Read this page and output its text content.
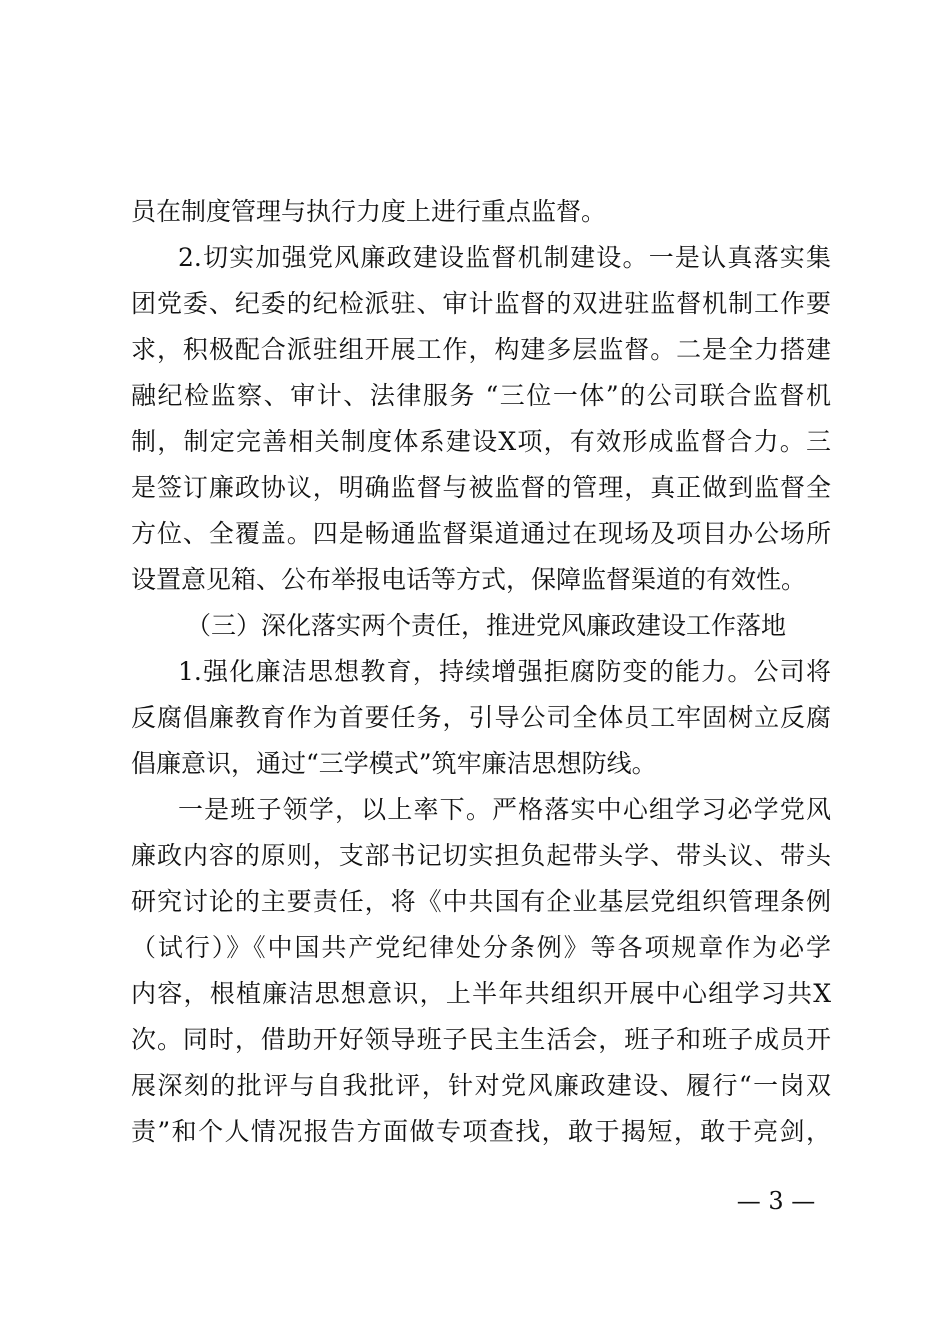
员在制度管理与执行力度上进行重点监督。
2.切实加强党风廉政建设监督机制建设。一是认真落实集
团党委、纪委的纪检派驻、审计监督的双进驻监督机制工作要
求，积极配合派驻组开展工作，构建多层监督。二是全力搭建
融纪检监察、审计、法律服务 “三位一体”的公司联合监督机
制，制定完善相关制度体系建设X项，有效形成监督合力。三
是签订廉政协议，明确监督与被监督的管理，真正做到监督全
方位、全覆盖。四是畅通监督渠道通过在现场及项目办公场所
设置意见箱、公布举报电话等方式，保障监督渠道的有效性。
（三）深化落实两个责任，推进党风廉政建设工作落地
1.强化廉洁思想教育，持续增强拒腐防变的能力。公司将
反腐倡廉教育作为首要任务，引导公司全体员工牢固树立反腐
倡廉意识，通过“三学模式”筑牢廉洁思想防线。
一是班子领学，以上率下。严格落实中心组学习必学党风
廉政内容的原则，支部书记切实担负起带头学、带头议、带头
研究讨论的主要责任，将《中共国有企业基层党组织管理条例
（试行）》《中国共产党纪律处分条例》等各项规章作为必学
内容，根植廉洁思想意识，上半年共组织开展中心组学习共X
次。同时，借助开好领导班子民主生活会，班子和班子成员开
展深刻的批评与自我批评，针对党风廉政建设、履行“一岗双
责”和个人情况报告方面做专项查找，敢于揭短，敢于亮剑，
— 3 —
